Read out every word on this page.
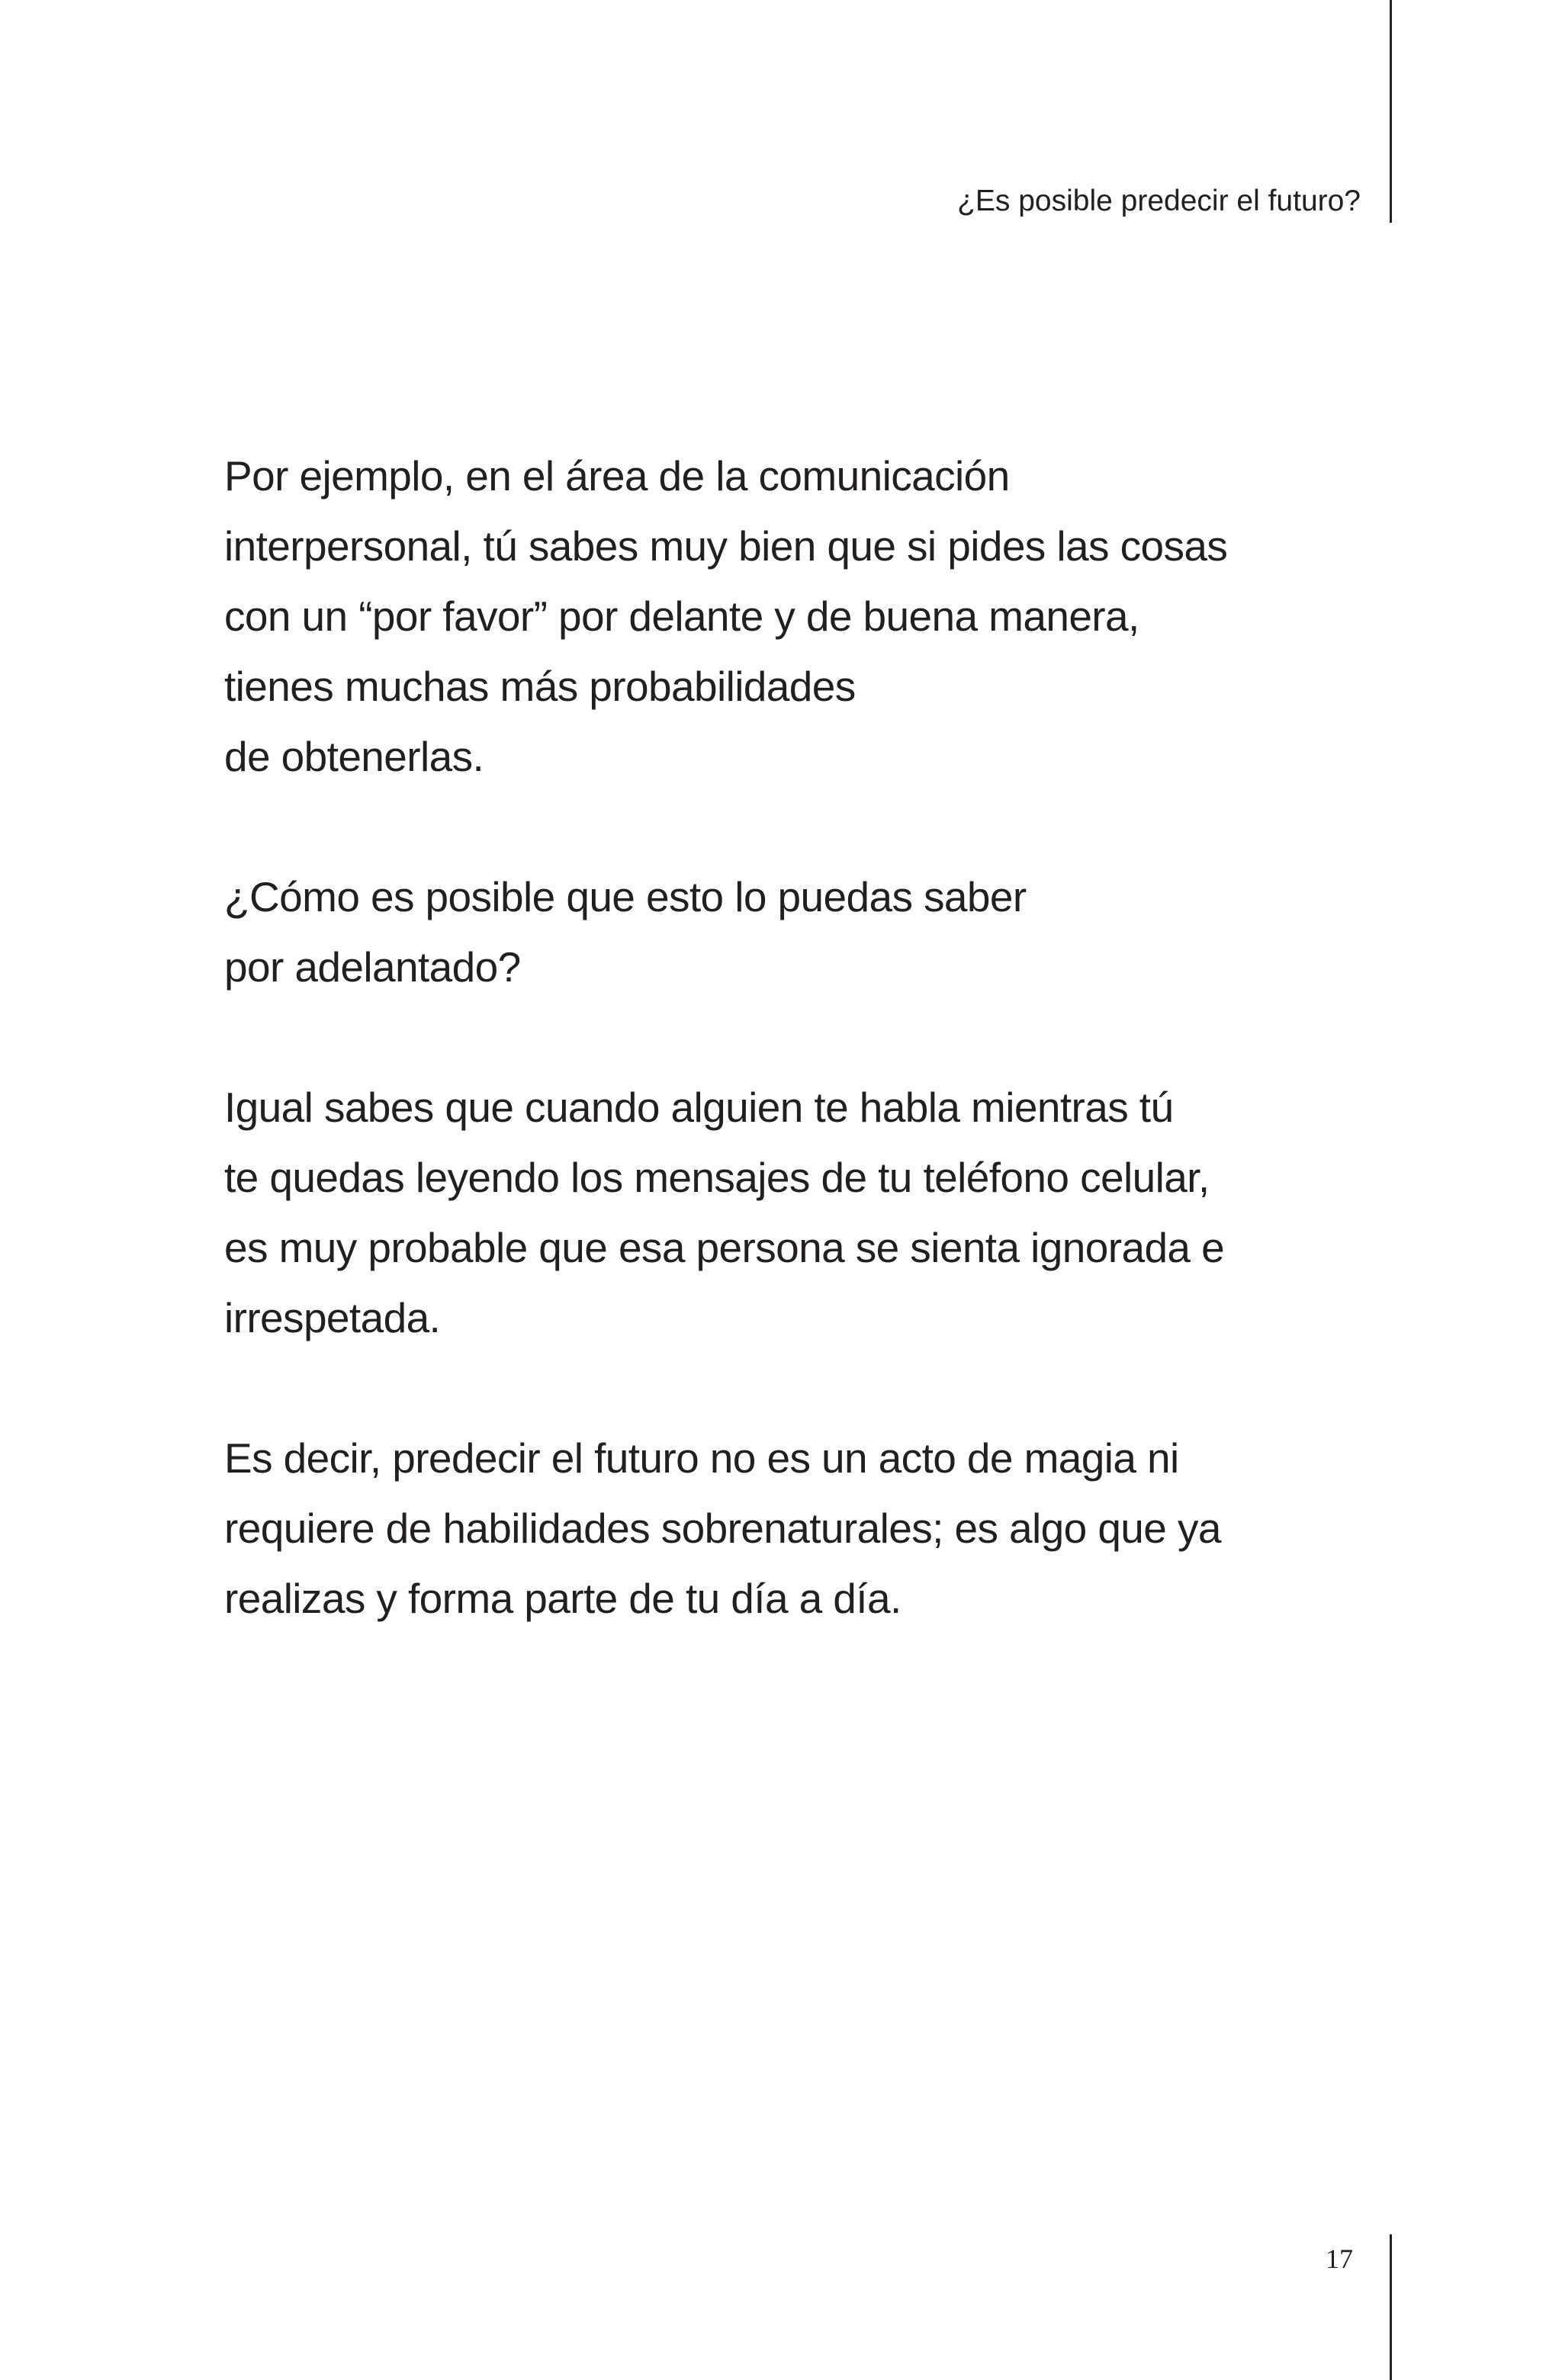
¿Es posible predecir el futuro?

Por ejemplo, en el área de la comunicación
interpersonal, tú sabes muy bien que si pides las cosas
con un “por favor” por delante y de buena manera,
tienes muchas más probabilidades
de obtenerlas.

¿Cómo es posible que esto lo puedas saber
por adelantado?

Igual sabes que cuando alguien te habla mientras tú
te quedas leyendo los mensajes de tu teléfono celular,
es muy probable que esa persona se sienta ignorada e
irrespetada.

Es decir, predecir el futuro no es un acto de magia ni
requiere de habilidades sobrenaturales; es algo que ya
realizas y forma parte de tu día a día.

17
